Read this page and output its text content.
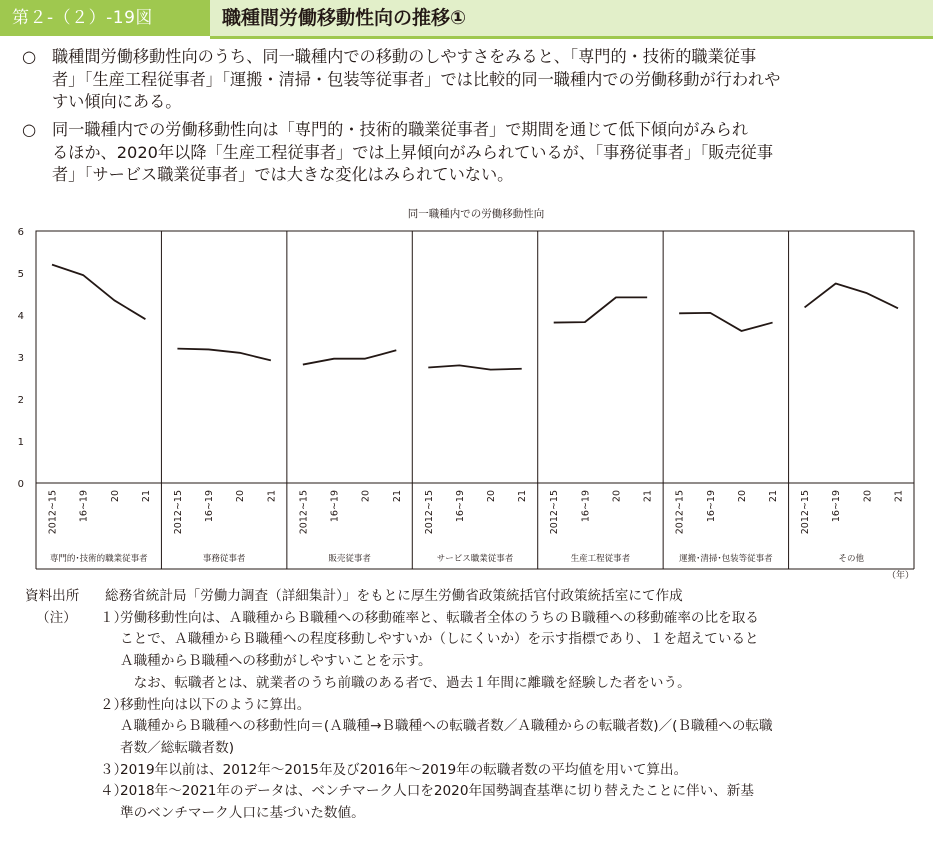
第２-（２）-19図	職種間労働移動性向の推移①
○ 職種間労働移動性向のうち、同一職種内での移動のしやすさをみると、「専門的・技術的職業従事
者」「生産工程従事者」「運搬・清掃・包装等従事者」では比較的同一職種内での労働移動が行われや
すい傾向にある。
○ 同一職種内での労働移動性向は「専門的・技術的職業従事者」で期間を通じて低下傾向がみられ
るほか、2020年以降「生産工程従事者」では上昇傾向がみられているが、「事務従事者」「販売従事
者」「サービス職業従事者」では大きな変化はみられていない。
同一職種内での労働移動性向
0
1
2
3
4
5
6
2012~15 16~19 20 21
専門的･技術的職業従事者
2012~15 16~19 20 21
事務従事者
2012~15 16~19 20 21
販売従事者
2012~15 16~19 20 21
サービス職業従事者
2012~15 16~19 20 21
生産工程従事者
2012~15 16~19 20 21
運搬･清掃･包装等従事者
2012~15 16~19 20 21
その他
（年）
資料出所 総務省統計局「労働力調査（詳細集計）」をもとに厚生労働省政策統括官付政策統括室にて作成
（注） １）
労働移動性向は、Ａ職種からＢ職種への移動確率と、転職者全体のうちのＢ職種への移動確率の比を取る
ことで、Ａ職種からＢ職種への程度移動しやすいか（しにくいか）を示す指標であり、１を超えていると
Ａ職種からＢ職種への移動がしやすいことを示す。
　なお、転職者とは、就業者のうち前職のある者で、過去１年間に離職を経験した者をいう。
２）
移動性向は以下のように算出。
Ａ職種からＢ職種への移動性向＝(Ａ職種→Ｂ職種への転職者数／Ａ職種からの転職者数)／(Ｂ職種への転職
者数／総転職者数)
３）
2019年以前は、2012年～2015年及び2016年～2019年の転職者数の平均値を用いて算出。
４）
2018年～2021年のデータは、ベンチマーク人口を2020年国勢調査基準に切り替えたことに伴い、新基
準のベンチマーク人口に基づいた数値。
